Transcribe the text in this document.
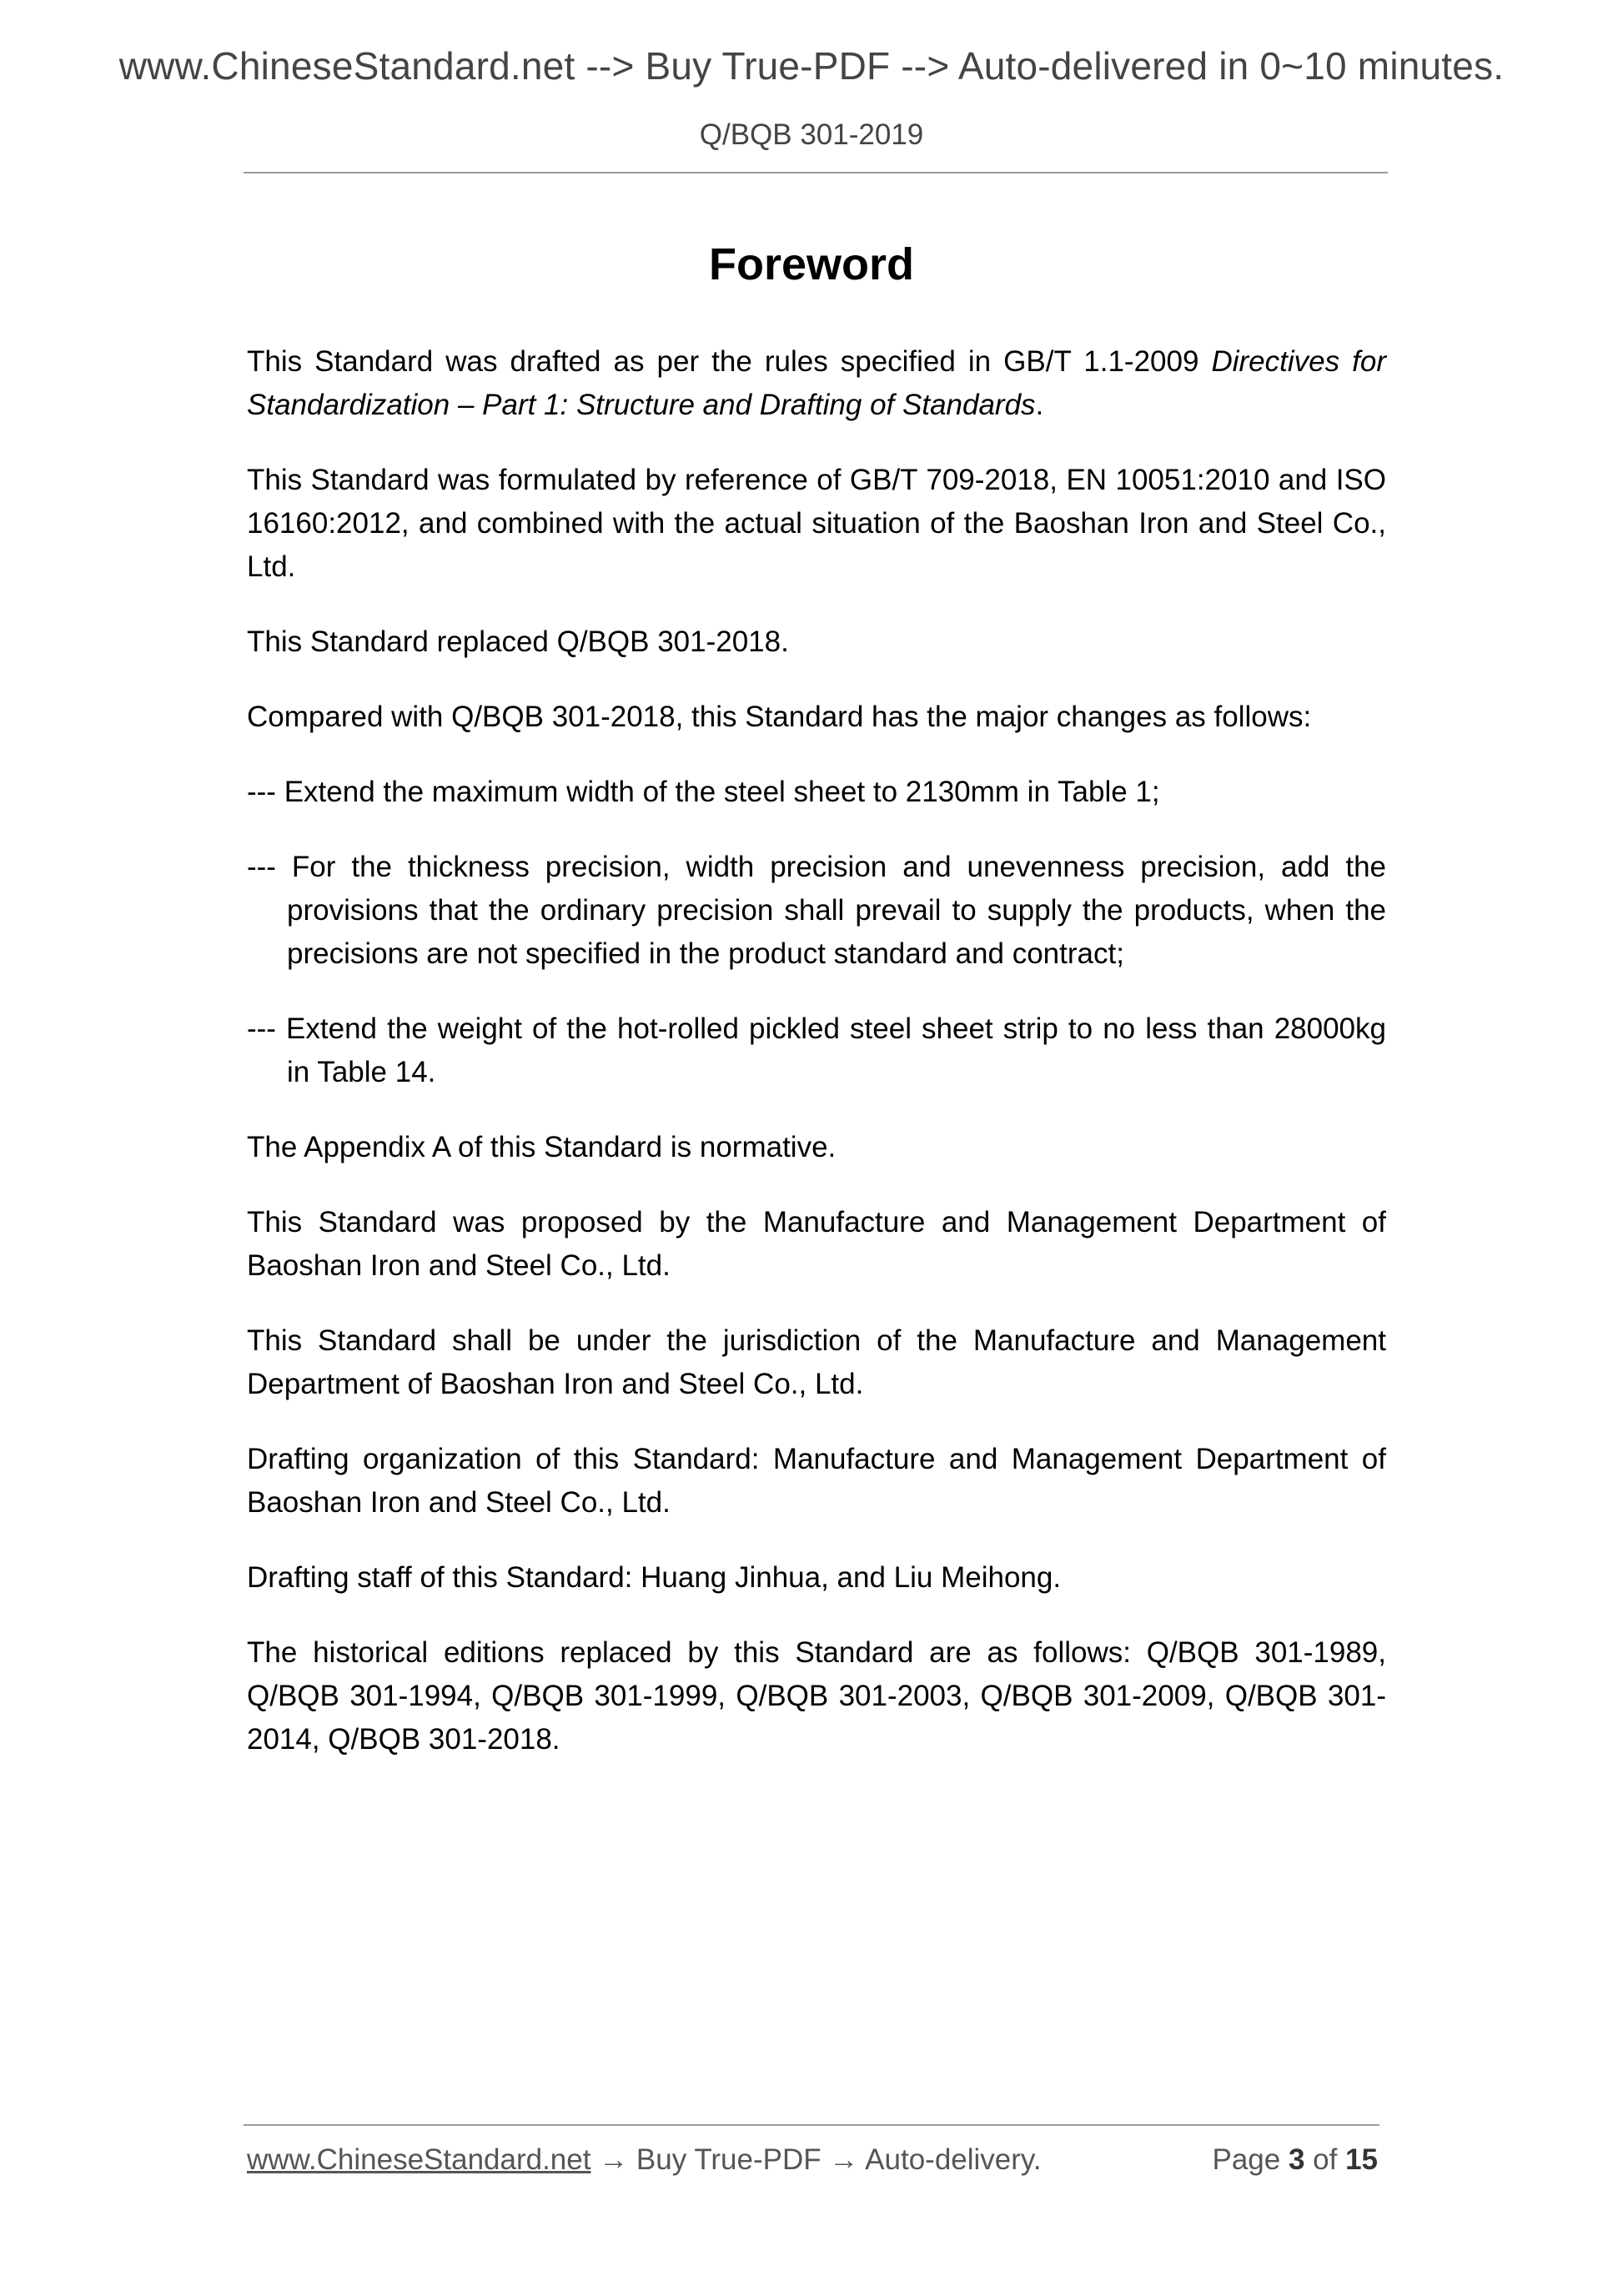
www.ChineseStandard.net --> Buy True-PDF --> Auto-delivered in 0~10 minutes.
Q/BQB 301-2019
Foreword

This Standard was drafted as per the rules specified in GB/T 1.1-2009 Directives for Standardization – Part 1: Structure and Drafting of Standards.

This Standard was formulated by reference of GB/T 709-2018, EN 10051:2010 and ISO 16160:2012, and combined with the actual situation of the Baoshan Iron and Steel Co., Ltd.

This Standard replaced Q/BQB 301-2018.

Compared with Q/BQB 301-2018, this Standard has the major changes as follows:

--- Extend the maximum width of the steel sheet to 2130mm in Table 1;

--- For the thickness precision, width precision and unevenness precision, add the provisions that the ordinary precision shall prevail to supply the products, when the precisions are not specified in the product standard and contract;

--- Extend the weight of the hot-rolled pickled steel sheet strip to no less than 28000kg in Table 14.

The Appendix A of this Standard is normative.

This Standard was proposed by the Manufacture and Management Department of Baoshan Iron and Steel Co., Ltd.

This Standard shall be under the jurisdiction of the Manufacture and Management Department of Baoshan Iron and Steel Co., Ltd.

Drafting organization of this Standard: Manufacture and Management Department of Baoshan Iron and Steel Co., Ltd.

Drafting staff of this Standard: Huang Jinhua, and Liu Meihong.

The historical editions replaced by this Standard are as follows: Q/BQB 301-1989, Q/BQB 301-1994, Q/BQB 301-1999, Q/BQB 301-2003, Q/BQB 301-2009, Q/BQB 301-2014, Q/BQB 301-2018.

www.ChineseStandard.net → Buy True-PDF → Auto-delivery.	Page 3 of 15
